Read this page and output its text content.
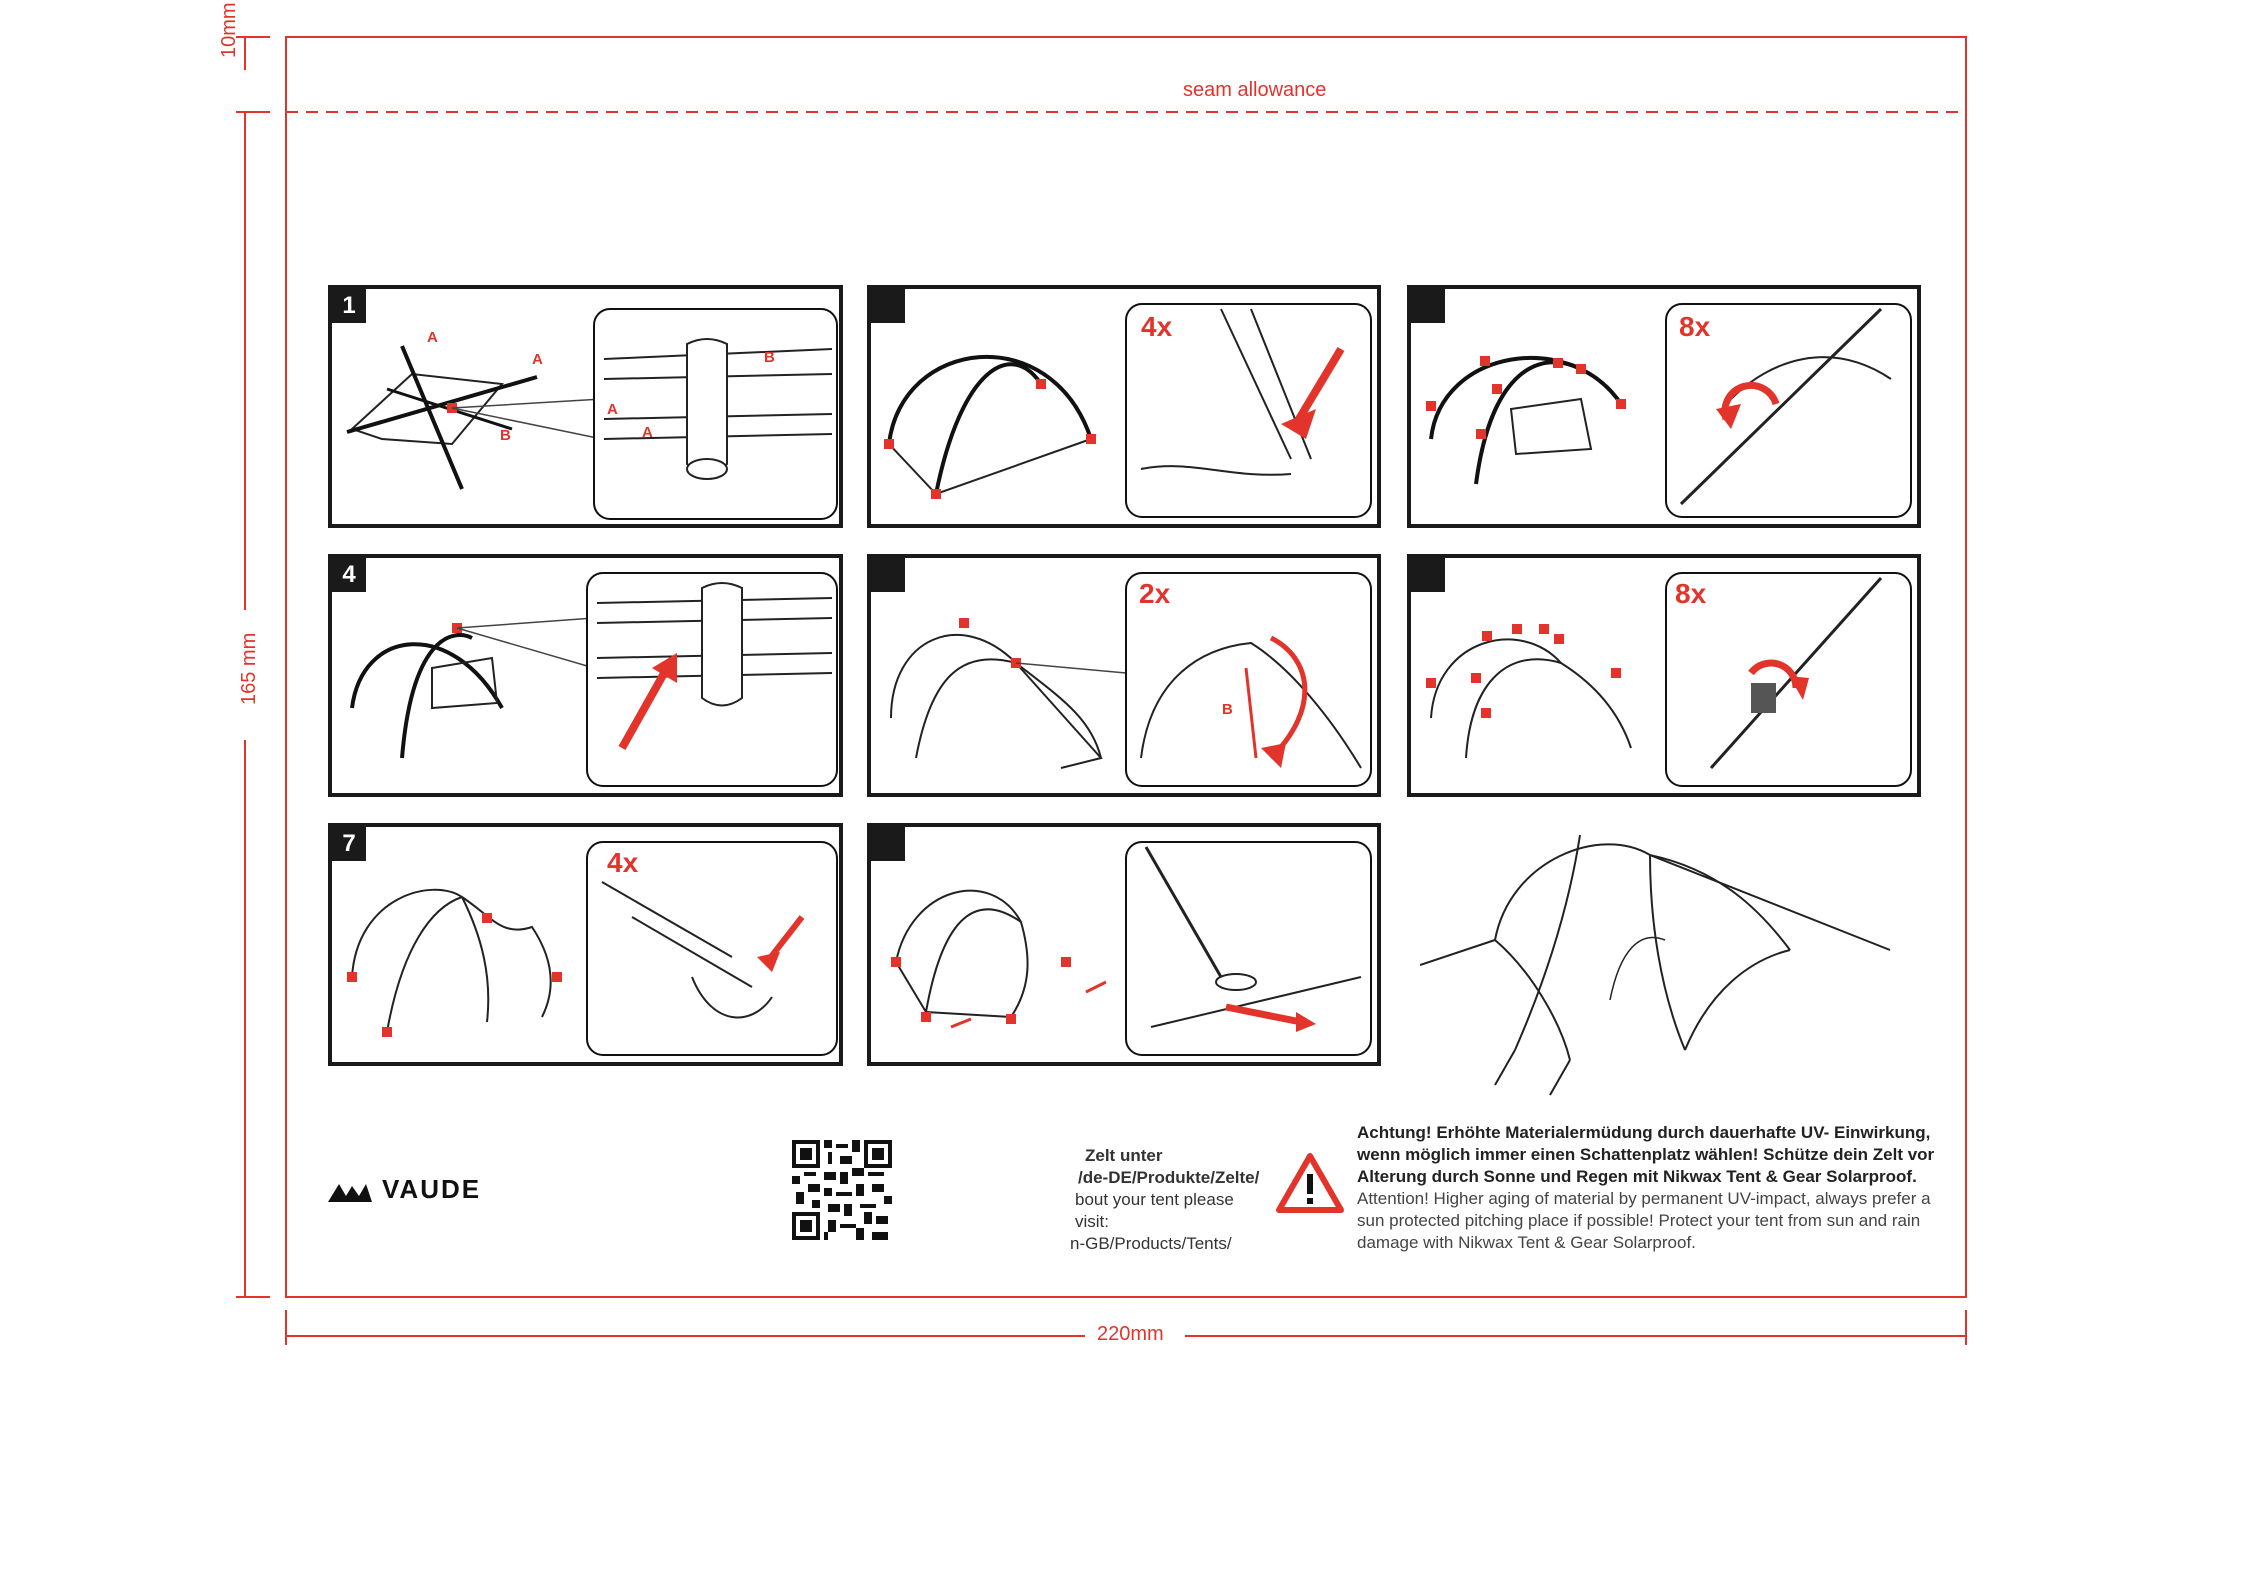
10mm
165 mm
220mm
seam allowance
1
A
A
B
B
A
A
4x	8x
4
2x
B
8x
7
4x
VAUDE
Zelt unter
/de-DE/Produkte/Zelte/
bout your tent please visit:
n-GB/Products/Tents/
Achtung! Erhöhte Materialermüdung durch dauerhafte UV- Einwirkung,
wenn möglich immer einen Schattenplatz wählen! Schütze dein Zelt vor
Alterung durch Sonne und Regen mit Nikwax Tent & Gear Solarproof.
Attention! Higher aging of material by permanent UV-impact, always prefer a
sun protected pitching place if possible! Protect your tent from sun and rain
damage with Nikwax Tent & Gear Solarproof.
